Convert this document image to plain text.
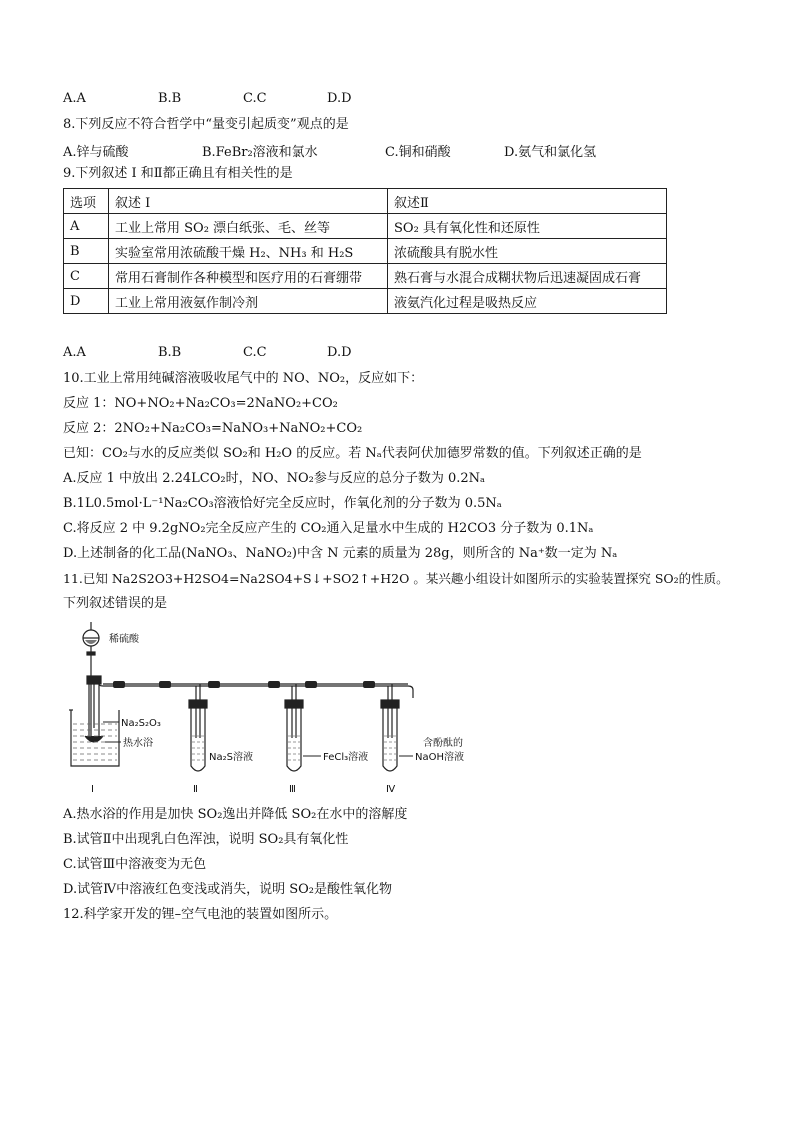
A.A	B.B	C.C	D.D
8.下列反应不符合哲学中“量变引起质变”观点的是
A.锌与硫酸	B.FeBr₂溶液和氯水	C.铜和硝酸	D.氨气和氯化氢
9.下列叙述 I 和Ⅱ都正确且有相关性的是
选项	叙述 I	叙述Ⅱ
A	工业上常用 SO₂ 漂白纸张、毛、丝等	SO₂ 具有氧化性和还原性
B	实验室常用浓硫酸干燥 H₂、NH₃ 和 H₂S	浓硫酸具有脱水性
C	常用石膏制作各种模型和医疗用的石膏绷带	熟石膏与水混合成糊状物后迅速凝固成石膏
D	工业上常用液氨作制冷剂	液氨汽化过程是吸热反应
A.A	B.B	C.C	D.D
10.工业上常用纯碱溶液吸收尾气中的 NO、NO₂，反应如下：
反应 1：NO+NO₂+Na₂CO₃=2NaNO₂+CO₂
反应 2：2NO₂+Na₂CO₃=NaNO₃+NaNO₂+CO₂
已知：CO₂与水的反应类似 SO₂和 H₂O 的反应。若 Nₐ代表阿伏加德罗常数的值。下列叙述正确的是
A.反应 1 中放出 2.24LCO₂时，NO、NO₂参与反应的总分子数为 0.2Nₐ
B.1L0.5mol·L⁻¹Na₂CO₃溶液恰好完全反应时，作氧化剂的分子数为 0.5Nₐ
C.将反应 2 中 9.2gNO₂完全反应产生的 CO₂通入足量水中生成的 H2CO3 分子数为 0.1Nₐ
D.上述制备的化工品(NaNO₃、NaNO₂)中含 N 元素的质量为 28g，则所含的 Na⁺数一定为 Nₐ
11.已知 Na2S2O3+H2SO4=Na2SO4+S↓+SO2↑+H2O 。某兴趣小组设计如图所示的实验装置探究 SO₂的性质。
下列叙述错误的是
稀硫酸
Na₂S₂O₃
热水浴
Na₂S溶液	FeCl₃溶液
含酚酞的
NaOH溶液
Ⅰ	Ⅱ	Ⅲ	Ⅳ
A.热水浴的作用是加快 SO₂逸出并降低 SO₂在水中的溶解度
B.试管Ⅱ中出现乳白色浑浊，说明 SO₂具有氧化性
C.试管Ⅲ中溶液变为无色
D.试管Ⅳ中溶液红色变浅或消失，说明 SO₂是酸性氧化物
12.科学家开发的锂–空气电池的装置如图所示。
